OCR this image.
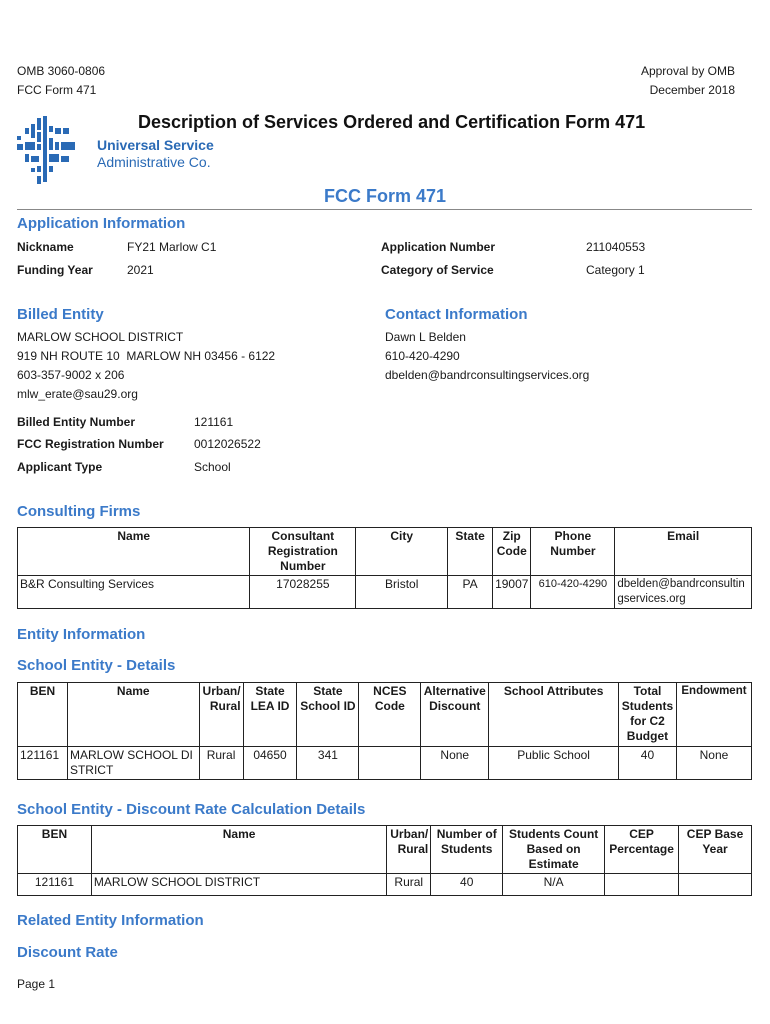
OMB 3060-0806
FCC Form 471
Approval by OMB
December 2018
Description of Services Ordered and Certification Form 471
Universal Service
Administrative Co.
FCC Form 471
Application Information
Nickname	FY21 Marlow C1
Funding Year	2021
Application Number	211040553
Category of Service	Category 1
Billed Entity
MARLOW SCHOOL DISTRICT
919 NH ROUTE 10  MARLOW NH 03456 - 6122
603-357-9002 x 206
mlw_erate@sau29.org
Contact Information
Dawn L Belden
610-420-4290
dbelden@bandrconsultingservices.org
Billed Entity Number	121161
FCC Registration Number	0012026522
Applicant Type	School
Consulting Firms
Name	Consultant Registration Number	City	State	Zip Code	Phone Number	Email
B&R Consulting Services	17028255	Bristol	PA	19007	610-420-4290	dbelden@bandrconsultingservices.org
Entity Information
School Entity - Details
BEN	Name	Urban/ Rural	State LEA ID	State School ID	NCES Code	Alternative Discount	School Attributes	Total Students for C2 Budget	Endowment
121161	MARLOW SCHOOL DISTRICT	Rural	04650	341		None	Public School	40	None
School Entity - Discount Rate Calculation Details
BEN	Name	Urban/ Rural	Number of Students	Students Count Based on Estimate	CEP Percentage	CEP Base Year
121161	MARLOW SCHOOL DISTRICT	Rural	40	N/A		
Related Entity Information
Discount Rate
Page 1
